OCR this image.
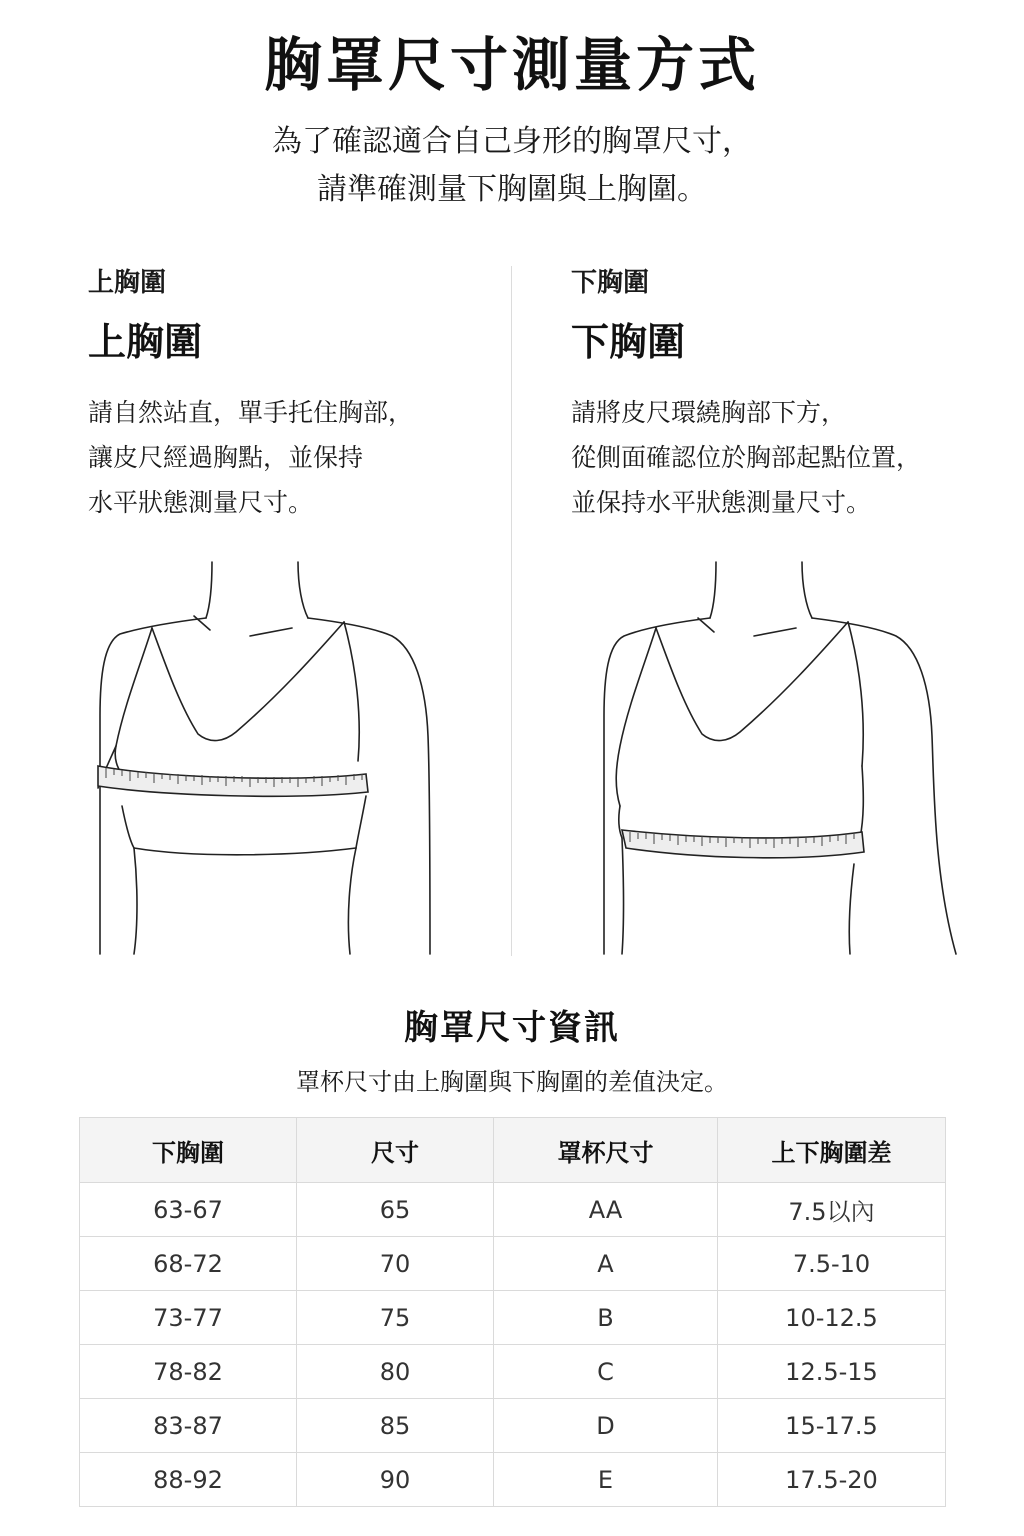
胸罩尺寸測量方式
為了確認適合自己身形的胸罩尺寸，
請準確測量下胸圍與上胸圍。
上胸圍
上胸圍
請自然站直，單手托住胸部，
讓皮尺經過胸點，並保持
水平狀態測量尺寸。
下胸圍
下胸圍
請將皮尺環繞胸部下方，
從側面確認位於胸部起點位置，
並保持水平狀態測量尺寸。
胸罩尺寸資訊
罩杯尺寸由上胸圍與下胸圍的差值決定。
下胸圍	尺寸	罩杯尺寸	上下胸圍差
63-67	65	AA	7.5以內
68-72	70	A	7.5-10
73-77	75	B	10-12.5
78-82	80	C	12.5-15
83-87	85	D	15-17.5
88-92	90	E	17.5-20
